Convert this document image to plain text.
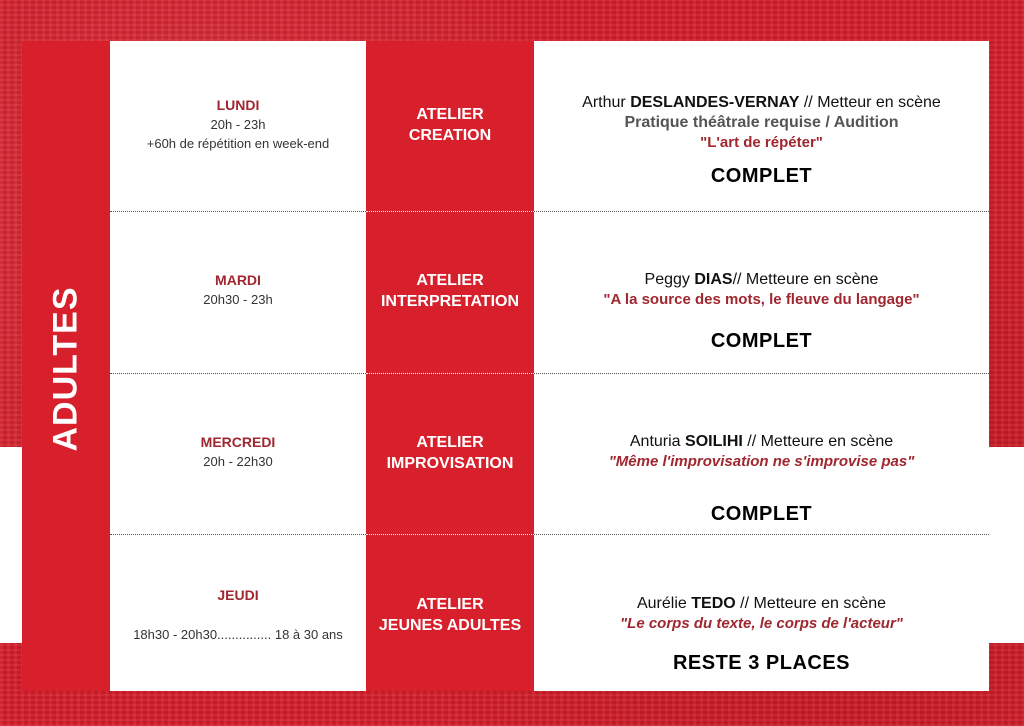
ADULTES
LUNDI
20h - 23h
+60h de répétition en week-end
ATELIER
CREATION
Arthur DESLANDES-VERNAY // Metteur en scène
Pratique théâtrale requise / Audition
"L'art de répéter"
COMPLET
MARDI
20h30 - 23h
ATELIER
INTERPRETATION
Peggy DIAS// Metteure en scène
"A la source des mots, le fleuve du langage"
COMPLET
MERCREDI
20h - 22h30
ATELIER
IMPROVISATION
Anturia SOILIHI // Metteure en scène
"Même l'improvisation ne s'improvise pas"
COMPLET
JEUDI
18h30 - 20h30............... 18 à 30 ans
ATELIER
JEUNES ADULTES
Aurélie TEDO // Metteure en scène
"Le corps du texte, le corps de l'acteur"
RESTE 3 PLACES
